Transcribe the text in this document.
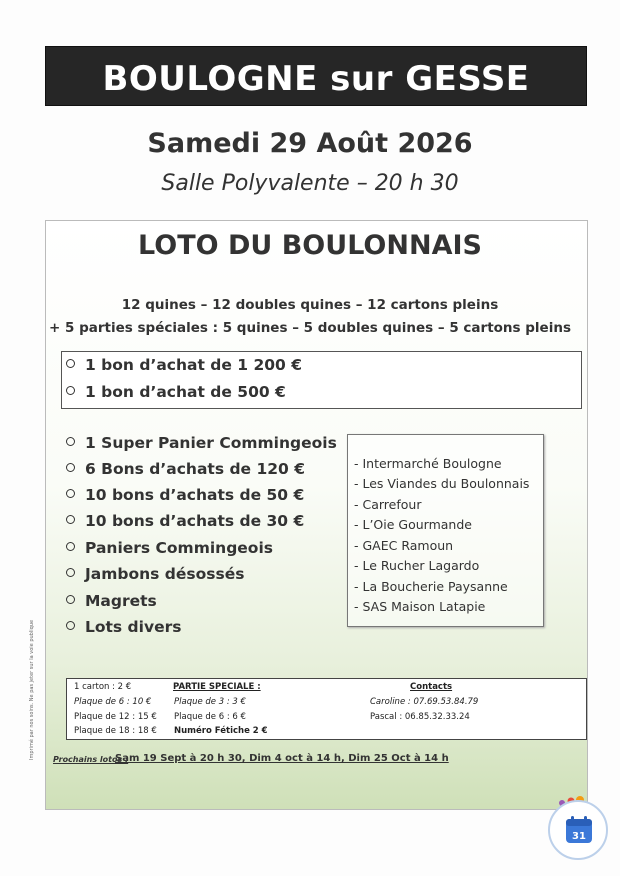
BOULOGNE sur GESSE
Samedi 29 Août 2026
Salle Polyvalente – 20 h 30
LOTO DU BOULONNAIS
12 quines – 12 doubles quines – 12 cartons pleins
+ 5 parties spéciales : 5 quines – 5 doubles quines – 5 cartons pleins
1 bon d’achat de 1 200 €
1 bon d’achat de 500 €
1 Super Panier Commingeois
6 Bons d’achats de 120 €
10 bons d’achats de 50 €
10 bons d’achats de 30 €
Paniers Commingeois
Jambons désossés
Magrets
Lots divers
- Intermarché Boulogne
- Les Viandes du Boulonnais
- Carrefour
- L’Oie Gourmande
- GAEC Ramoun
- Le Rucher Lagardo
- La Boucherie Paysanne
- SAS Maison Latapie
1 carton : 2 €
Plaque de 6 : 10 €
Plaque de 12 : 15 €
Plaque de 18 : 18 €
PARTIE SPECIALE :
Plaque de 3 : 3 €
Plaque de 6 : 6 €
Numéro Fétiche 2 €
Contacts
Caroline : 07.69.53.84.79
Pascal : 06.85.32.33.24
Prochains lotos :
Sam 19 Sept à 20 h 30, Dim 4 oct à 14 h, Dim 25 Oct à 14 h
Imprimé par nos soins. Ne pas jeter sur la voie publique
31
